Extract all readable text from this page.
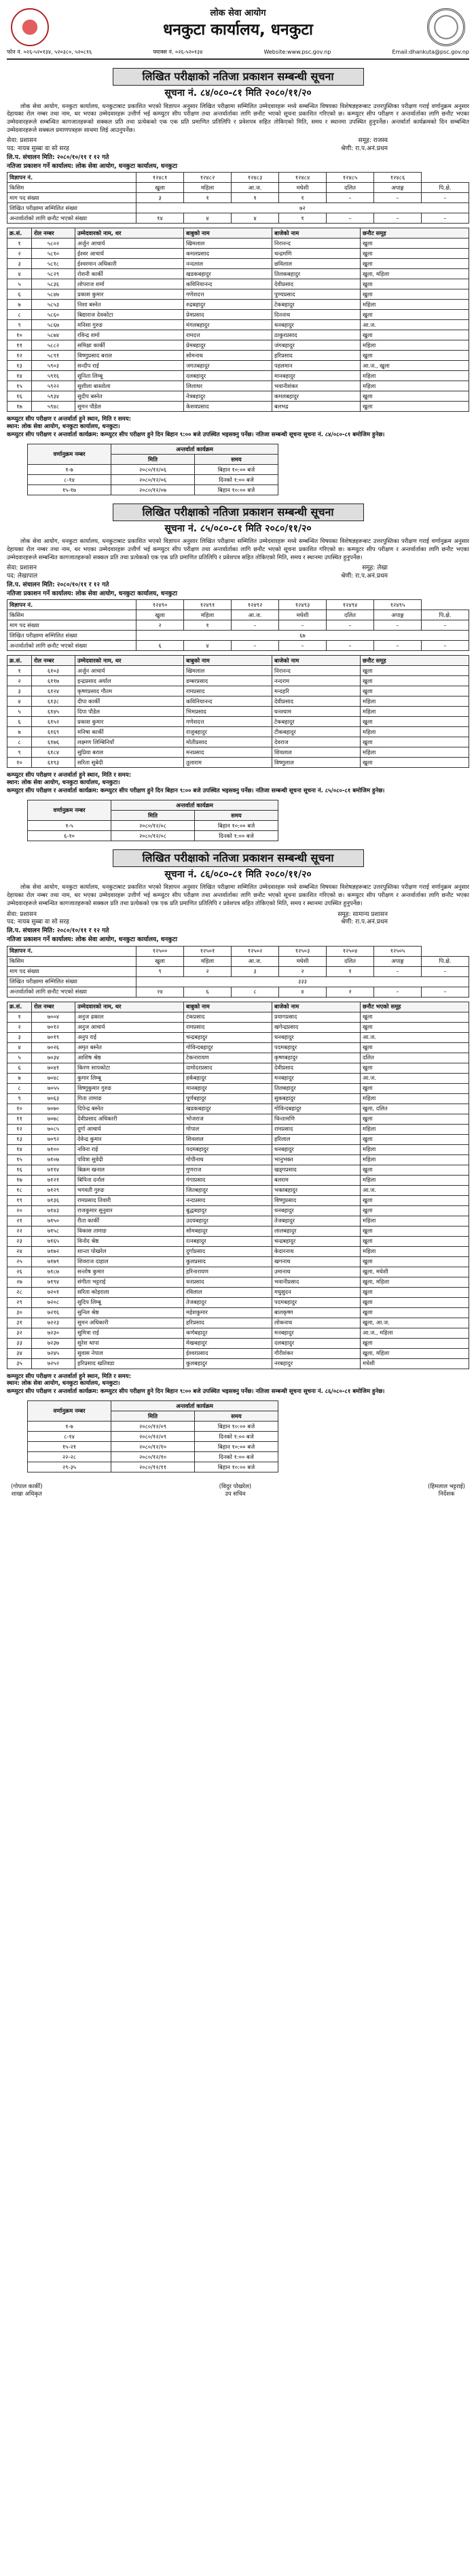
लोक सेवा आयोग
धनकुटा कार्यालय, धनकुटा
फोन नं. ०२६-५२०१३४, ५२०३८०, ५२०८१६	फ्याक्स नं. ०२६-५२०१३४	Website:www.psc.gov.np	Email:dhankuta@psc.gov.np
लिखित परीक्षाको नतिजा प्रकाशन सम्बन्धी सूचना
सूचना नं. ८४/०८०-८१ मिति २०८०/११/२०

लोक सेवा आयोग, धनकुटा कार्यालय, धनकुटाबाट प्रकाशित भएको विज्ञापन अनुसार लिखित परीक्षामा सम्मिलित उम्मेदवारहरू मध्ये सम्बन्धित विषयका विशेषज्ञहरूबाट उत्तरपुस्तिका परीक्षण गराई वर्णानुक्रम अनुसार देहायका रोल नम्बर तथा नाम, थर भएका उम्मेदवारहरू उत्तीर्ण भई कम्प्युटर सीप परीक्षण तथा अन्तर्वार्ताका लागि छनौट भएको सूचना प्रकाशित गरिएको छ। कम्प्युटर सीप परीक्षण र अन्तर्वार्ताका लागि छनौट भएका उम्मेदवारहरूले सम्बन्धित कागजातहरूको सक्कल प्रति तथा प्रत्येकको एक एक प्रति प्रमाणित प्रतिलिपि र प्रवेशपत्र सहित तोकिएको मिति, समय र स्थानमा उपस्थित हुनुपर्नेछ। अन्तर्वार्ता कार्यक्रमको दिन सम्बन्धित उम्मेदवारहरूले सक्कल प्रमाणपत्रहरू साथमा लिई आउनुपर्नेछ।

सेवा: प्रशासन	समूह: राजस्व
पद: नायब सुब्बा वा सो सरह	श्रेणी: रा.प.अनं.प्रथम
लि.प. संचालन मिति: २०८०/१०/११ र १२ गते
नतिजा प्रकाशन गर्ने कार्यालय: लोक सेवा आयोग, धनकुटा कार्यालय, धनकुटा
विज्ञापन नं.	१२४८१	१२४८२	१२४८३	१२४८४	१२४८५	१२४८६	
किसिम	खुला	महिला	आ.ज.	मधेशी	दलित	अपाङ्ग	पि.क्षे.
माग पद संख्या	३	१	१	१	–	–	–
लिखित परीक्षामा सम्मिलित संख्या	७२						
अन्तर्वार्ताको लागि छनौट भएको संख्या	१४	४	४	१	–	–	–
क्र.सं.	रोल नम्बर	उम्मेदवारको नाम, थर	बाबुको नाम	बाजेको नाम	छनौट समूह
१	५८०२	अर्जुन आचार्य	खिमलाल	निरानन्द	खुला
२	५८१०	ईश्वर आचार्य	कमलप्रसाद	चन्द्रमणि	खुला
३	५८१८	ईश्वरमान अधिकारी	नन्दलाल	छविलाल	खुला
४	५८२९	रोशनी कार्की	खडकबहादुर	तिलकबहादुर	खुला, महिला
५	५८३६	लोपराज शर्मा	कविनियानन्द	देवीप्रसाद	खुला
६	५८४७	प्रकाश कुमार	गणेशदत्त	पुण्यप्रसाद	खुला
७	५८५३	निशा बस्नेत	रुद्रबहादुर	टेकबहादुर	महिला
८	५८६०	बिद्याराज देवकोटा	प्रेमप्रसाद	दिननाथ	खुला
९	५८६७	मनिसा गुरुङ	मंगलबहादुर	धनबहादुर	आ.ज.
१०	५८७४	रविन्द्र शर्मा	रामदत्त	ठाकुरप्रसाद	खुला
११	५८८२	समिक्षा कार्की	प्रेमबहादुर	जंगबहादुर	महिला
१२	५८९१	विष्णुप्रसाद बराल	सोमनाथ	हरिप्रसाद	खुला
१३	५९०३	सन्दीप राई	जगतबहादुर	पहलमान	आ.ज., खुला
१४	५९१६	सुनिता लिम्बू	दलबहादुर	मानबहादुर	महिला
१५	५९२२	सुशीला बास्तोला	लिलाधर	भवानीशंकर	महिला
१६	५९३४	सुदीप बस्नेत	नेत्रबहादुर	कमलबहादुर	खुला
१७	५९४८	सुमन पौडेल	केशवप्रसाद	बलभद्र	खुला
कम्प्युटर सीप परीक्षण र अन्तर्वार्ता हुने स्थान, मिति र समय:
स्थान: लोक सेवा आयोग, धनकुटा कार्यालय, धनकुटा।
कम्प्युटर सीप परीक्षण र अन्तर्वार्ता कार्यक्रम: कम्प्युटर सीप परीक्षण हुने दिन बिहान ९:०० बजे उपस्थित भइसक्नु पर्नेछ। नतिजा सम्बन्धी सूचना सूचना नं. ८४/०८०-८१ बमोजिम हुनेछ।
वर्णानुक्रम नम्बर	अन्तर्वार्ता कार्यक्रम	
	मिति	समय
१-७	२०८०/१२/०६	बिहान १०:०० बजे
८-१४	२०८०/१२/०६	दिनको १:०० बजे
१५-१७	२०८०/१२/०७	बिहान १०:०० बजे
लिखित परीक्षाको नतिजा प्रकाशन सम्बन्धी सूचना
सूचना नं. ८५/०८०-८१ मिति २०८०/११/२०

लोक सेवा आयोग, धनकुटा कार्यालय, धनकुटाबाट प्रकाशित भएको विज्ञापन अनुसार लिखित परीक्षामा सम्मिलित उम्मेदवारहरू मध्ये सम्बन्धित विषयका विशेषज्ञहरूबाट उत्तरपुस्तिका परीक्षण गराई वर्णानुक्रम अनुसार देहायका रोल नम्बर तथा नाम, थर भएका उम्मेदवारहरू उत्तीर्ण भई कम्प्युटर सीप परीक्षण तथा अन्तर्वार्ताका लागि छनौट भएको सूचना प्रकाशित गरिएको छ। कम्प्युटर सीप परीक्षण र अन्तर्वार्ताका लागि छनौट भएका उम्मेदवारहरूले सम्बन्धित कागजातहरूको सक्कल प्रति तथा प्रत्येकको एक एक प्रति प्रमाणित प्रतिलिपि र प्रवेशपत्र सहित तोकिएको मिति, समय र स्थानमा उपस्थित हुनुपर्नेछ।

सेवा: प्रशासन	समूह: लेखा
पद: लेखापाल	श्रेणी: रा.प.अनं.प्रथम
लि.प. संचालन मिति: २०८०/१०/११ र १२ गते
नतिजा प्रकाशन गर्ने कार्यालय: लोक सेवा आयोग, धनकुटा कार्यालय, धनकुटा
विज्ञापन नं.	१२४९०	१२४९१	१२४९२	१२४९३	१२४९४	१२४९५	
किसिम	खुला	महिला	आ.ज.	मधेशी	दलित	अपाङ्ग	पि.क्षे.
माग पद संख्या	२	१	–	–	–	–	–
लिखित परीक्षामा सम्मिलित संख्या	६७						
अन्तर्वार्ताको लागि छनौट भएको संख्या	६	४	–	–	–	–	–
क्र.सं.	रोल नम्बर	उम्मेदवारको नाम, थर	बाबुको नाम	बाजेको नाम	छनौट समूह
१	६१०३	अर्जुन आचार्य	खिमलाल	निरानन्द	खुला
२	६११७	इन्द्रप्रसाद अर्याल	डम्बरप्रसाद	नन्दराम	खुला
३	६१२४	कृष्णप्रसाद गौतम	रामप्रसाद	मन्दहरि	खुला
४	६१३८	दीपा कार्की	कविनियानन्द	देवीप्रसाद	महिला
५	६१४५	दिपा पौडेल	भिमप्रसाद	घनश्याम	महिला
६	६१५२	प्रकाश कुमार	गणेशदत्त	टेकबहादुर	खुला
७	६१६९	मनिषा कार्की	राजुबहादुर	टीकबहादुर	महिला
८	६१७६	लक्ष्मण लिम्बिनियाँ	मोतीप्रसाद	देवराज	खुला
९	६१८४	सुप्रिया बराल	मनप्रसाद	शिवलाल	महिला
१०	६१९३	सरिता सुबेदी	तुलाराम	विष्णुलाल	खुला
कम्प्युटर सीप परीक्षण र अन्तर्वार्ता हुने स्थान, मिति र समय:
स्थान: लोक सेवा आयोग, धनकुटा कार्यालय, धनकुटा।
कम्प्युटर सीप परीक्षण र अन्तर्वार्ता कार्यक्रम: कम्प्युटर सीप परीक्षण हुने दिन बिहान ९:०० बजे उपस्थित भइसक्नु पर्नेछ। नतिजा सम्बन्धी सूचना सूचना नं. ८५/०८०-८१ बमोजिम हुनेछ।
वर्णानुक्रम नम्बर	अन्तर्वार्ता कार्यक्रम	
	मिति	समय
१-५	२०८०/१२/०८	बिहान १०:०० बजे
६-१०	२०८०/१२/०८	दिनको १:०० बजे
लिखित परीक्षाको नतिजा प्रकाशन सम्बन्धी सूचना
सूचना नं. ८६/०८०-८१ मिति २०८०/११/२०

लोक सेवा आयोग, धनकुटा कार्यालय, धनकुटाबाट प्रकाशित भएको विज्ञापन अनुसार लिखित परीक्षामा सम्मिलित उम्मेदवारहरू मध्ये सम्बन्धित विषयका विशेषज्ञहरूबाट उत्तरपुस्तिका परीक्षण गराई वर्णानुक्रम अनुसार देहायका रोल नम्बर तथा नाम, थर भएका उम्मेदवारहरू उत्तीर्ण भई कम्प्युटर सीप परीक्षण तथा अन्तर्वार्ताका लागि छनौट भएको सूचना प्रकाशित गरिएको छ। कम्प्युटर सीप परीक्षण र अन्तर्वार्ताका लागि छनौट भएका उम्मेदवारहरूले सम्बन्धित कागजातहरूको सक्कल प्रति तथा प्रत्येकको एक एक प्रति प्रमाणित प्रतिलिपि र प्रवेशपत्र सहित तोकिएको मिति, समय र स्थानमा उपस्थित हुनुपर्नेछ।

सेवा: प्रशासन	समूह: सामान्य प्रशासन
पद: नायब सुब्बा वा सो सरह	श्रेणी: रा.प.अनं.प्रथम
लि.प. संचालन मिति: २०८०/१०/११ र १२ गते
नतिजा प्रकाशन गर्ने कार्यालय: लोक सेवा आयोग, धनकुटा कार्यालय, धनकुटा
विज्ञापन नं.	१२५००	१२५०१	१२५०२	१२५०३	१२५०४	१२५०५	
किसिम	खुला	महिला	आ.ज.	मधेशी	दलित	अपाङ्ग	पि.क्षे.
माग पद संख्या	९	२	३	२	१	–	–
लिखित परीक्षामा सम्मिलित संख्या	३३३						
अन्तर्वार्ताको लागि छनौट भएको संख्या	२४	६	८	४	२	–	–
क्र.सं.	रोल नम्बर	उम्मेदवारको नाम, थर	बाबुको नाम	बाजेको नाम	छनौट भएको समूह
१	७००४	अनुज ढकाल	टंकप्रसाद	प्रयागप्रसाद	खुला
२	७०१२	अनुज आचार्य	रामप्रसाद	खगेन्द्रप्रसाद	खुला
३	७०१९	अनुप राई	चन्द्रबहादुर	धनबहादुर	आ.ज.
४	७०२६	अमृत बस्नेत	गोविन्दबहादुर	पदमबहादुर	खुला
५	७०३४	आशिष श्रेष्ठ	टेकनारायण	कृष्णबहादुर	दलित
६	७०४१	किरण सापकोटा	दामोदरप्रसाद	देवीप्रसाद	खुला
७	७०४८	कुमार लिम्बू	हर्कबहादुर	मनबहादुर	आ.ज.
८	७०५५	विष्णुकुमार गुरुङ	मानबहादुर	तिलबहादुर	खुला
९	७०६३	गिता तामाङ	पूर्णबहादुर	सुकबहादुर	महिला
१०	७०७०	दिपेन्द्र बस्नेत	खडकबहादुर	गोविन्दबहादुर	खुला, दलित
११	७०७८	देवीप्रसाद अधिकारी	भोजराज	चिन्तामणि	खुला
१२	७०८५	दुर्गा आचार्य	गोपाल	रामप्रसाद	महिला
१३	७०९२	देवेन्द्र कुमार	शिवलाल	हरिलाल	खुला
१४	७१००	नविना राई	पदमबहादुर	धनबहादुर	महिला
१५	७१०७	पवित्रा सुवेदी	गोपीनाथ	भानुभक्त	महिला
१६	७११४	बिक्रम खनाल	गुणराज	खड्गप्रसाद	खुला
१७	७१२१	बिपिना दर्नाल	गंगाप्रसाद	बलराम	महिला
१८	७१२९	भगवती गुरुङ	जितबहादुर	भक्तबहादुर	आ.ज.
१९	७१३६	रामप्रसाद तिवारी	नन्दप्रसाद	विष्णुप्रसाद	खुला
२०	७१४३	राजकुमार सुनुवार	बुद्धबहादुर	धनबहादुर	खुला
२१	७१५०	रीता कार्की	उदयबहादुर	तेजबहादुर	महिला
२२	७१५८	विकास तामाङ	सोमबहादुर	लालबहादुर	खुला
२३	७१६५	विनोद श्रेष्ठ	रत्नबहादुर	चन्द्रबहादुर	खुला
२४	७१७२	शान्ता पोखरेल	दुर्गाप्रसाद	केदारनाथ	महिला
२५	७१७९	शिवराज दाहाल	कुलप्रसाद	खगनाथ	खुला
२६	७१८७	सन्तोष कुमार	हरिनारायण	उमानाथ	खुला, मधेशी
२७	७१९४	संगीता भट्टराई	धनप्रसाद	भवानीप्रसाद	खुला, महिला
२८	७२०१	सरिता कोइराला	रविलाल	मधुसुदन	खुला
२९	७२०८	सुदिप लिम्बू	तेजबहादुर	पदमबहादुर	खुला
३०	७२१६	सुनिल श्रेष्ठ	महेशकुमार	बालकृष्ण	खुला
३१	७२२३	सुमन अधिकारी	हरिप्रसाद	लोकनाथ	खुला, आ.ज.
३२	७२३०	सुमित्रा राई	कर्णबहादुर	मनबहादुर	आ.ज., महिला
३३	७२३७	सुरेश थापा	मेखबहादुर	दलबहादुर	खुला
३४	७२४५	सुवास नेपाल	ईश्वरप्रसाद	गौरीशंकर	खुला, महिला
३५	७२५२	हरिप्रसाद खतिवडा	कुलबहादुर	नरबहादुर	मधेशी
कम्प्युटर सीप परीक्षण र अन्तर्वार्ता हुने स्थान, मिति र समय:
स्थान: लोक सेवा आयोग, धनकुटा कार्यालय, धनकुटा।
कम्प्युटर सीप परीक्षण र अन्तर्वार्ता कार्यक्रम: कम्प्युटर सीप परीक्षण हुने दिन बिहान ९:०० बजे उपस्थित भइसक्नु पर्नेछ। नतिजा सम्बन्धी सूचना सूचना नं. ८६/०८०-८१ बमोजिम हुनेछ।
वर्णानुक्रम नम्बर	अन्तर्वार्ता कार्यक्रम	
	मिति	समय
१-७	२०८०/१२/०९	बिहान १०:०० बजे
८-१४	२०८०/१२/०९	दिनको १:०० बजे
१५-२१	२०८०/१२/१०	बिहान १०:०० बजे
२२-२८	२०८०/१२/१०	दिनको १:०० बजे
२९-३५	२०८०/१२/११	बिहान १०:०० बजे
(गोपाल कार्की)
शाखा अधिकृत
(विदुर पोखरेल)
उप सचिव
(हिमलाल भट्टराई)
निर्देशक
